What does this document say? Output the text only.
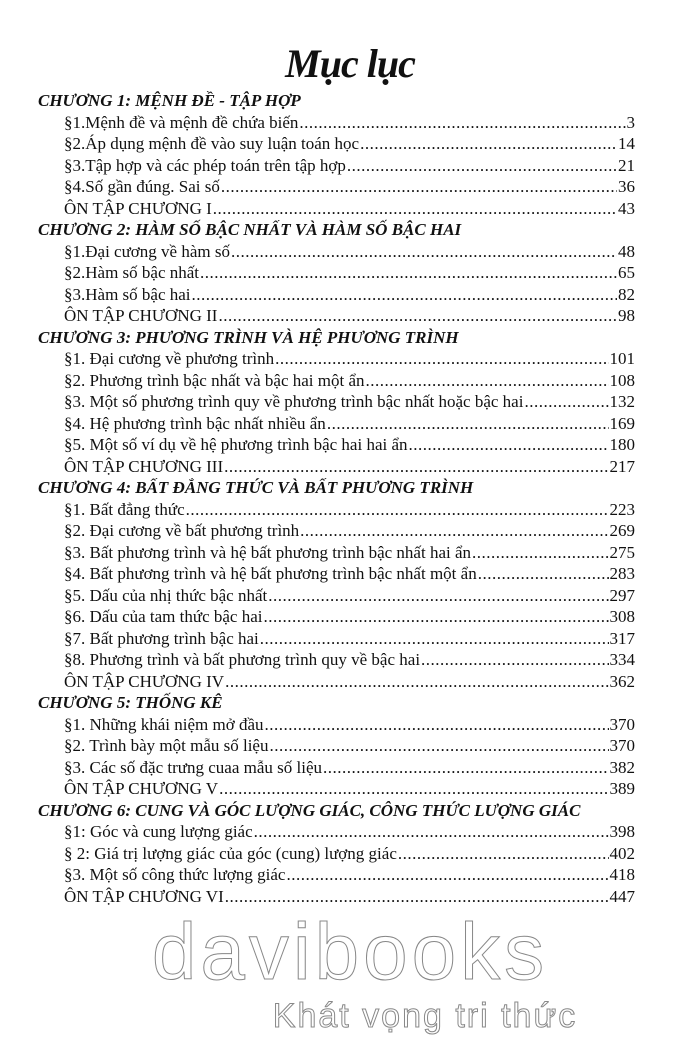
Mục lục
CHƯƠNG 1: MỆNH ĐỀ - TẬP HỢP
§1.Mệnh đề và mệnh đề chứa biến .....	3
§2.Áp dụng mệnh đề vào suy luận toán học .....	14
§3.Tập hợp và các phép toán trên tập hợp .....	21
§4.Số gần đúng. Sai số .....	36
ÔN TẬP CHƯƠNG I .....	43
CHƯƠNG 2: HÀM SỐ BẬC NHẤT VÀ HÀM SỐ BẬC HAI
§1.Đại cương về hàm số .....	48
§2.Hàm số bậc nhất .....	65
§3.Hàm số bậc hai .....	82
ÔN TẬP CHƯƠNG II .....	98
CHƯƠNG 3: PHƯƠNG TRÌNH VÀ HỆ PHƯƠNG TRÌNH
§1. Đại cương về phương trình .....	101
§2. Phương trình bậc nhất và bậc hai một ẩn .....	108
§3. Một số phương trình quy về phương trình bậc nhất hoặc bậc hai .....	132
§4. Hệ phương trình bậc nhất nhiều ẩn .....	169
§5. Một số ví dụ về hệ phương trình bậc hai hai ẩn .....	180
ÔN TẬP CHƯƠNG III .....	217
CHƯƠNG 4: BẤT ĐẲNG THỨC VÀ BẤT PHƯƠNG TRÌNH
§1. Bất đẳng thức .....	223
§2. Đại cương về bất phương trình .....	269
§3. Bất phương trình và hệ bất phương trình bậc nhất hai ẩn .....	275
§4. Bất phương trình và hệ bất phương trình bậc nhất một ẩn .....	283
§5. Dấu của nhị thức bậc nhất .....	297
§6. Dấu của tam thức bậc hai .....	308
§7. Bất phương trình bậc hai .....	317
§8. Phương trình và bất phương trình quy về bậc hai .....	334
ÔN TẬP CHƯƠNG IV .....	362
CHƯƠNG 5: THỐNG KÊ
§1. Những khái niệm mở đầu .....	370
§2. Trình bày một mẫu số liệu .....	370
§3. Các số đặc trưng cuaa mẫu số liệu .....	382
ÔN TẬP CHƯƠNG V .....	389
CHƯƠNG 6: CUNG VÀ GÓC LƯỢNG GIÁC, CÔNG THỨC LƯỢNG GIÁC
§1: Góc và cung lượng giác .....	398
§ 2: Giá trị lượng giác của góc (cung) lượng giác .....	402
§3. Một số công thức lượng giác .....	418
ÔN TẬP CHƯƠNG VI .....	447
davibooks
Khát vọng tri thức
